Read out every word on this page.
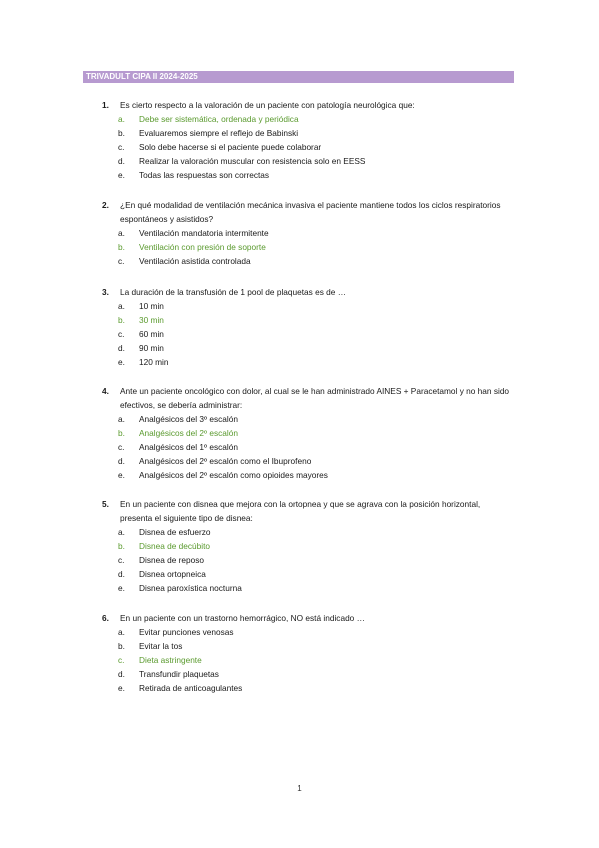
TRIVADULT CIPA II 2024-2025
1.	Es cierto respecto a la valoración de un paciente con patología neurológica que:
a.	Debe ser sistemática, ordenada y periódica
b.	Evaluaremos siempre el reflejo de Babinski
c.	Solo debe hacerse si el paciente puede colaborar
d.	Realizar la valoración muscular con resistencia solo en EESS
e.	Todas las respuestas son correctas
2.	¿En qué modalidad de ventilación mecánica invasiva el paciente mantiene todos los ciclos respiratorios espontáneos y asistidos?
a.	Ventilación mandatoria intermitente
b.	Ventilación con presión de soporte
c.	Ventilación asistida controlada
3.	La duración de la transfusión de 1 pool de plaquetas es de …
a.	10 min
b.	30 min
c.	60 min
d.	90 min
e.	120 min
4.	Ante un paciente oncológico con dolor, al cual se le han administrado AINES + Paracetamol y no han sido efectivos, se debería administrar:
a.	Analgésicos del 3º escalón
b.	Analgésicos del 2º escalón
c.	Analgésicos del 1º escalón
d.	Analgésicos del 2º escalón como el Ibuprofeno
e.	Analgésicos del 2º escalón como opioides mayores
5.	En un paciente con disnea que mejora con la ortopnea y que se agrava con la posición horizontal, presenta el siguiente tipo de disnea:
a.	Disnea de esfuerzo
b.	Disnea de decúbito
c.	Disnea de reposo
d.	Disnea ortopneica
e.	Disnea paroxística nocturna
6.	En un paciente con un trastorno hemorrágico, NO está indicado …
a.	Evitar punciones venosas
b.	Evitar la tos
c.	Dieta astringente
d.	Transfundir plaquetas
e.	Retirada de anticoagulantes
1
